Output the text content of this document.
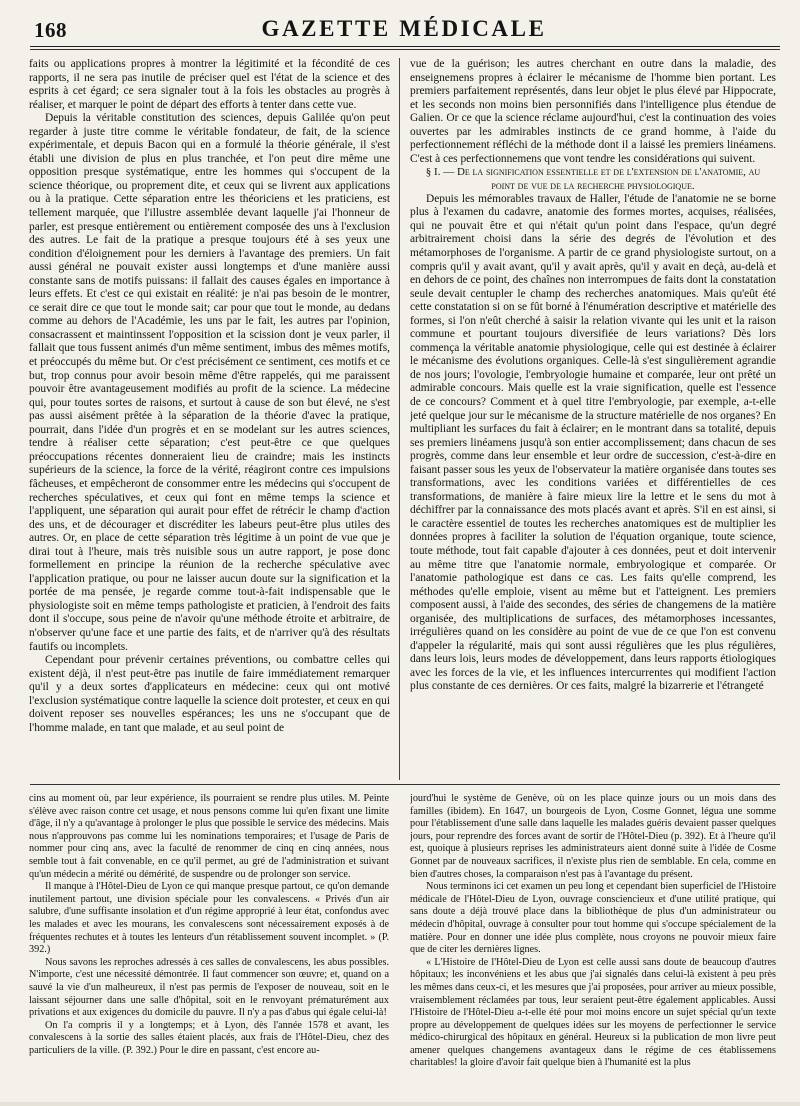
168	GAZETTE MÉDICALE

faits ou applications propres à montrer la légitimité et la fécondité de ces rapports, il ne sera pas inutile de préciser quel est l'état de la science et des esprits à cet égard; ce sera signaler tout à la fois les obstacles au progrès à réaliser, et marquer le point de départ des efforts à tenter dans cette vue.

Depuis la véritable constitution des sciences, depuis Galilée qu'on peut regarder à juste titre comme le véritable fondateur, de fait, de la science expérimentale, et depuis Bacon qui en a formulé la théorie générale, il s'est établi une division de plus en plus tranchée, et l'on peut dire même une opposition presque systématique, entre les hommes qui s'occupent de la science théorique, ou proprement dite, et ceux qui se livrent aux applications ou à la pratique. Cette séparation entre les théoriciens et les praticiens, est tellement marquée, que l'illustre assemblée devant laquelle j'ai l'honneur de parler, est presque entièrement ou entièrement composée des uns à l'exclusion des autres. Le fait de la pratique a presque toujours été à ses yeux une condition d'éloignement pour les derniers à l'avantage des premiers. Un fait aussi général ne pouvait exister aussi longtemps et d'une manière aussi constante sans de motifs puissans: il fallait des causes égales en importance à leurs effets. Et c'est ce qui existait en réalité: je n'ai pas besoin de le montrer, ce serait dire ce que tout le monde sait; car pour que tout le monde, au dedans comme au dehors de l'Académie, les uns par le fait, les autres par l'opinion, consacrassent et maintinssent l'opposition et la scission dont je veux parler, il fallait que tous fussent animés d'un même sentiment, imbus des mêmes motifs, et préoccupés du même but. Or c'est précisément ce sentiment, ces motifs et ce but, trop connus pour avoir besoin même d'être rappelés, qui me paraissent pouvoir être avantageusement modifiés au profit de la science. La médecine qui, pour toutes sortes de raisons, et surtout à cause de son but élevé, ne s'est pas aussi aisément prêtée à la séparation de la théorie d'avec la pratique, pourrait, dans l'idée d'un progrès et en se modelant sur les autres sciences, tendre à réaliser cette séparation; c'est peut-être ce que quelques préoccupations récentes donneraient lieu de craindre; mais les instincts supérieurs de la science, la force de la vérité, réagiront contre ces impulsions fâcheuses, et empêcheront de consommer entre les médecins qui s'occupent de recherches spéculatives, et ceux qui font en même temps la science et l'appliquent, une séparation qui aurait pour effet de rétrécir le champ d'action des uns, et de décourager et discréditer les labeurs peut-être plus utiles des autres. Or, en place de cette séparation très légitime à un point de vue que je dirai tout à l'heure, mais très nuisible sous un autre rapport, je pose donc formellement en principe la réunion de la recherche spéculative avec l'application pratique, ou pour ne laisser aucun doute sur la signification et la portée de ma pensée, je regarde comme tout-à-fait indispensable que le physiologiste soit en même temps pathologiste et praticien, à l'endroit des faits dont il s'occupe, sous peine de n'avoir qu'une méthode étroite et arbitraire, de n'observer qu'une face et une partie des faits, et de n'arriver qu'à des résultats fautifs ou incomplets.

Cependant pour prévenir certaines préventions, ou combattre celles qui existent déjà, il n'est peut-être pas inutile de faire immédiatement remarquer qu'il y a deux sortes d'applicateurs en médecine: ceux qui ont motivé l'exclusion systématique contre laquelle la science doit protester, et ceux en qui doivent reposer ses nouvelles espérances; les uns ne s'occupant que de l'homme malade, en tant que malade, et au seul point de

vue de la guérison; les autres cherchant en outre dans la maladie, des enseignemens propres à éclairer le mécanisme de l'homme bien portant. Les premiers parfaitement représentés, dans leur objet le plus élevé par Hippocrate, et les seconds non moins bien personnifiés dans l'intelligence plus étendue de Galien. Or ce que la science réclame aujourd'hui, c'est la continuation des voies ouvertes par les admirables instincts de ce grand homme, à l'aide du perfectionnement réfléchi de la méthode dont il a laissé les premiers linéamens. C'est à ces perfectionnemens que vont tendre les considérations qui suivent.

§ I. — De la signification essentielle et de l'extension de l'anatomie, au point de vue de la recherche physiologique.

Depuis les mémorables travaux de Haller, l'étude de l'anatomie ne se borne plus à l'examen du cadavre, anatomie des formes mortes, acquises, réalisées, qui ne pouvait être et qui n'était qu'un point dans l'espace, qu'un degré arbitrairement choisi dans la série des degrés de l'évolution et des métamorphoses de l'organisme. A partir de ce grand physiologiste surtout, on a compris qu'il y avait avant, qu'il y avait après, qu'il y avait en deçà, au-delà et en dehors de ce point, des chaînes non interrompues de faits dont la constatation seule devait centupler le champ des recherches anatomiques. Mais qu'eût été cette constatation si on se fût borné à l'énumération descriptive et matérielle des formes, si l'on n'eût cherché à saisir la relation vivante qui les unit et la raison commune et pourtant toujours diversifiée de leurs variations? Dès lors commença la véritable anatomie physiologique, celle qui est destinée à éclairer le mécanisme des évolutions organiques. Celle-là s'est singulièrement agrandie de nos jours; l'ovologie, l'embryologie humaine et comparée, leur ont prêté un admirable concours. Mais quelle est la vraie signification, quelle est l'essence de ce concours? Comment et à quel titre l'embryologie, par exemple, a-t-elle jeté quelque jour sur le mécanisme de la structure matérielle de nos organes? En multipliant les surfaces du fait à éclairer; en le montrant dans sa totalité, depuis ses premiers linéamens jusqu'à son entier accomplissement; dans chacun de ses progrès, comme dans leur ensemble et leur ordre de succession, c'est-à-dire en faisant passer sous les yeux de l'observateur la matière organisée dans toutes ses transformations, avec les conditions variées et différentielles de ces transformations, de manière à faire mieux lire la lettre et le sens du mot à déchiffrer par la connaissance des mots placés avant et après. S'il en est ainsi, si le caractère essentiel de toutes les recherches anatomiques est de multiplier les données propres à faciliter la solution de l'équation organique, toute science, toute méthode, tout fait capable d'ajouter à ces données, peut et doit intervenir au même titre que l'anatomie normale, embryologique et comparée. Or l'anatomie pathologique est dans ce cas. Les faits qu'elle comprend, les méthodes qu'elle emploie, visent au même but et l'atteignent. Les premiers composent aussi, à l'aide des secondes, des séries de changemens de la matière organisée, des multiplications de surfaces, des métamorphoses incessantes, irrégulières quand on les considère au point de vue de ce que l'on est convenu d'appeler la régularité, mais qui sont aussi régulières que les plus régulières, dans leurs lois, leurs modes de développement, dans leurs rapports étiologiques avec les forces de la vie, et les influences intercurrentes qui modifient l'action plus constante de ces dernières. Or ces faits, malgré la bizarrerie et l'étrangeté

cins au moment où, par leur expérience, ils pourraient se rendre plus utiles. M. Peinte s'élève avec raison contre cet usage, et nous pensons comme lui qu'en fixant une limite d'âge, il n'y a qu'avantage à prolonger le plus que possible le service des médecins. Mais nous n'approuvons pas comme lui les nominations temporaires; et l'usage de Paris de nommer pour cinq ans, avec la faculté de renommer de cinq en cinq années, nous semble tout à fait convenable, en ce qu'il permet, au gré de l'administration et suivant qu'un médecin a mérité ou démérité, de suspendre ou de prolonger son service.

Il manque à l'Hôtel-Dieu de Lyon ce qui manque presque partout, ce qu'on demande inutilement partout, une division spéciale pour les convalescens. « Privés d'un air salubre, d'une suffisante insolation et d'un régime approprié à leur état, confondus avec les malades et avec les mourans, les convalescens sont nécessairement exposés à de fréquentes rechutes et à toutes les lenteurs d'un rétablissement souvent incomplet. » (P. 392.)

Nous savons les reproches adressés à ces salles de convalescens, les abus possibles. N'importe, c'est une nécessité démontrée. Il faut commencer son œuvre; et, quand on a sauvé la vie d'un malheureux, il n'est pas permis de l'exposer de nouveau, soit en le laissant séjourner dans une salle d'hôpital, soit en le renvoyant prématurément aux privations et aux exigences du domicile du pauvre. Il n'y a pas d'abus qui égale celui-là!

On l'a compris il y a longtemps; et à Lyon, dès l'année 1578 et avant, les convalescens à la sortie des salles étaient placés, aux frais de l'Hôtel-Dieu, chez des particuliers de la ville. (P. 392.) Pour le dire en passant, c'est encore au-

jourd'hui le système de Genève, où on les place quinze jours ou un mois dans des familles (ibidem). En 1647, un bourgeois de Lyon, Cosme Gonnet, légua une somme pour l'établissement d'une salle dans laquelle les malades guéris devaient passer quelques jours, pour reprendre des forces avant de sortir de l'Hôtel-Dieu (p. 392). Et à l'heure qu'il est, quoique à plusieurs reprises les administrateurs aient donné suite à l'idée de Cosme Gonnet par de nouveaux sacrifices, il n'existe plus rien de semblable. En cela, comme en bien d'autres choses, la comparaison n'est pas à l'avantage du présent.

Nous terminons ici cet examen un peu long et cependant bien superficiel de l'Histoire médicale de l'Hôtel-Dieu de Lyon, ouvrage consciencieux et d'une utilité pratique, qui sans doute a déjà trouvé place dans la bibliothèque de plus d'un administrateur ou médecin d'hôpital, ouvrage à consulter pour tout homme qui s'occupe spécialement de la matière. Pour en donner une idée plus complète, nous croyons ne pouvoir mieux faire que de citer les dernières lignes.

« L'Histoire de l'Hôtel-Dieu de Lyon est celle aussi sans doute de beaucoup d'autres hôpitaux; les inconvéniens et les abus que j'ai signalés dans celui-là existent à peu près les mêmes dans ceux-ci, et les mesures que j'ai proposées, pour arriver au mieux possible, vraisemblement réclamées par tous, leur seraient peut-être également applicables. Aussi l'Histoire de l'Hôtel-Dieu a-t-elle été pour moi moins encore un sujet spécial qu'un texte propre au développement de quelques idées sur les moyens de perfectionner le service médico-chirurgical des hôpitaux en général. Heureux si la publication de mon livre peut amener quelques changemens avantageux dans le régime de ces établissemens charitables! la gloire d'avoir fait quelque bien à l'humanité est la plus
